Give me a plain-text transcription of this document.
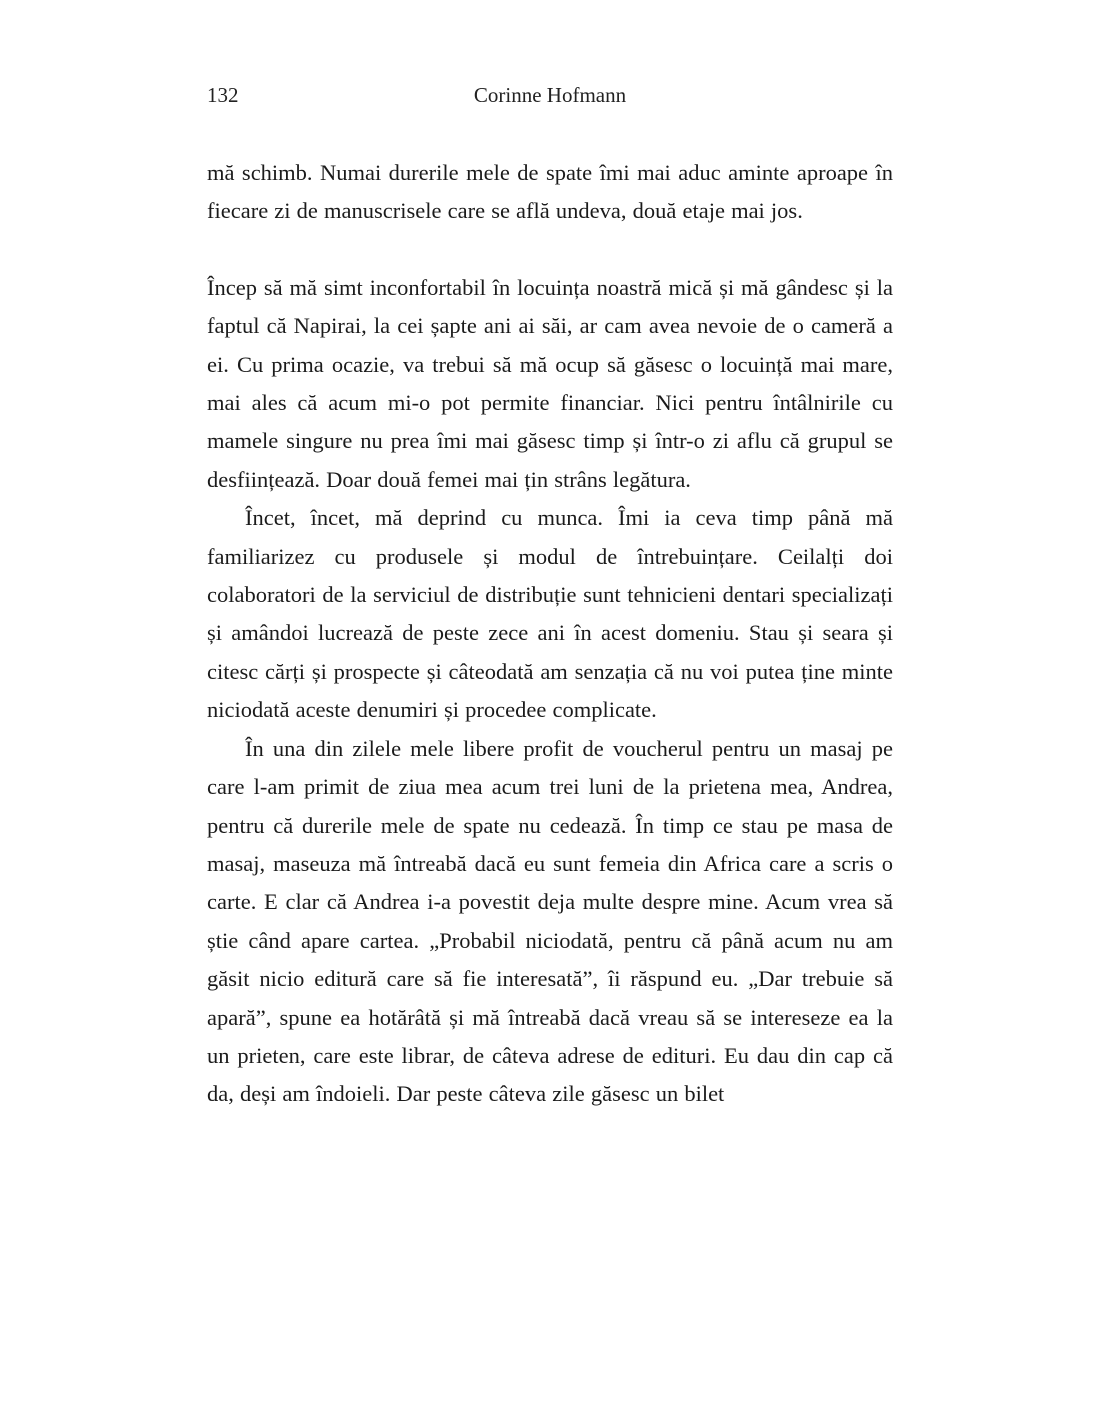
132	Corinne Hofmann

mă schimb. Numai durerile mele de spate îmi mai aduc aminte aproape în fiecare zi de manuscrisele care se află undeva, două etaje mai jos.

Încep să mă simt inconfortabil în locuința noastră mică și mă gândesc și la faptul că Napirai, la cei șapte ani ai săi, ar cam avea nevoie de o cameră a ei. Cu prima ocazie, va trebui să mă ocup să găsesc o locuință mai mare, mai ales că acum mi-o pot permite financiar. Nici pentru întâlnirile cu mamele singure nu prea îmi mai găsesc timp și într-o zi aflu că grupul se desființează. Doar două femei mai țin strâns legătura.

Încet, încet, mă deprind cu munca. Îmi ia ceva timp până mă familiarizez cu produsele și modul de întrebuințare. Ceilalți doi colaboratori de la serviciul de distribuție sunt tehnicieni dentari specializați și amândoi lucrează de peste zece ani în acest domeniu. Stau și seara și citesc cărți și prospecte și câteodată am senzația că nu voi putea ține minte niciodată aceste denumiri și procedee complicate.

În una din zilele mele libere profit de voucherul pentru un masaj pe care l-am primit de ziua mea acum trei luni de la prietena mea, Andrea, pentru că durerile mele de spate nu cedează. În timp ce stau pe masa de masaj, maseuza mă întreabă dacă eu sunt femeia din Africa care a scris o carte. E clar că Andrea i-a povestit deja multe despre mine. Acum vrea să știe când apare cartea. „Probabil niciodată, pentru că până acum nu am găsit nicio editură care să fie interesată”, îi răspund eu. „Dar trebuie să apară”, spune ea hotărâtă și mă întreabă dacă vreau să se intereseze ea la un prieten, care este librar, de câteva adrese de edituri. Eu dau din cap că da, deși am îndoieli. Dar peste câteva zile găsesc un bilet
